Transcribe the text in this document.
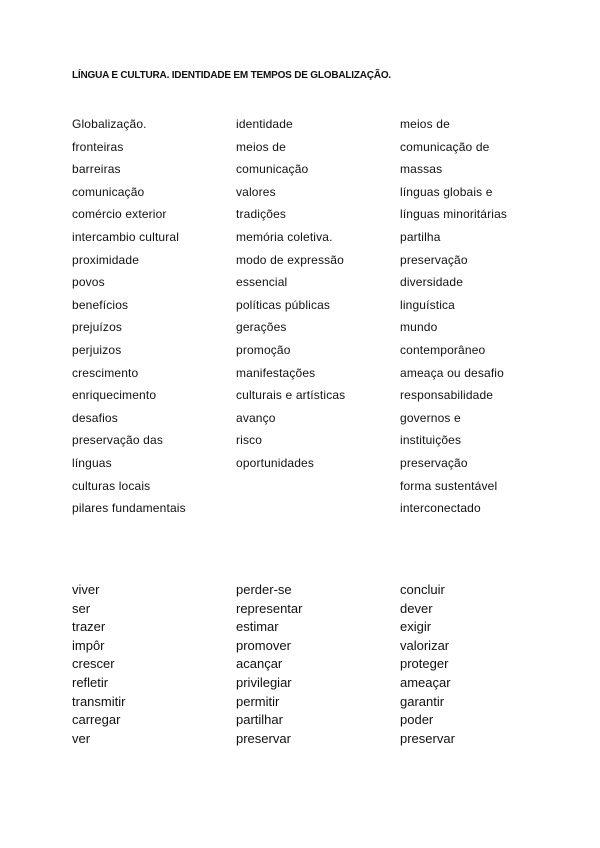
LÍNGUA E CULTURA. IDENTIDADE EM TEMPOS DE GLOBALIZAÇÃO.
Globalização.
fronteiras
barreiras
comunicação
comércio exterior
intercambio cultural
proximidade
povos
benefícios
prejuízos
perjuizos
crescimento
enriquecimento
desafios
preservação das
línguas
culturas locais
pilares fundamentais
identidade
meios de
comunicação
valores
tradições
memória coletiva.
modo de expressão
essencial
políticas públicas
gerações
promoção
manifestações
culturais e artísticas
avanço
risco
oportunidades
meios de
comunicação de
massas
línguas globais e
línguas minoritárias
partilha
preservação
diversidade
linguística
mundo
contemporâneo
ameaça ou desafio
responsabilidade
governos e
instituições
preservação
forma sustentável
interconectado
viver
ser
trazer
impôr
crescer
refletir
transmitir
carregar
ver
perder-se
representar
estimar
promover
acançar
privilegiar
permitir
partilhar
preservar
concluir
dever
exigir
valorizar
proteger
ameaçar
garantir
poder
preservar
